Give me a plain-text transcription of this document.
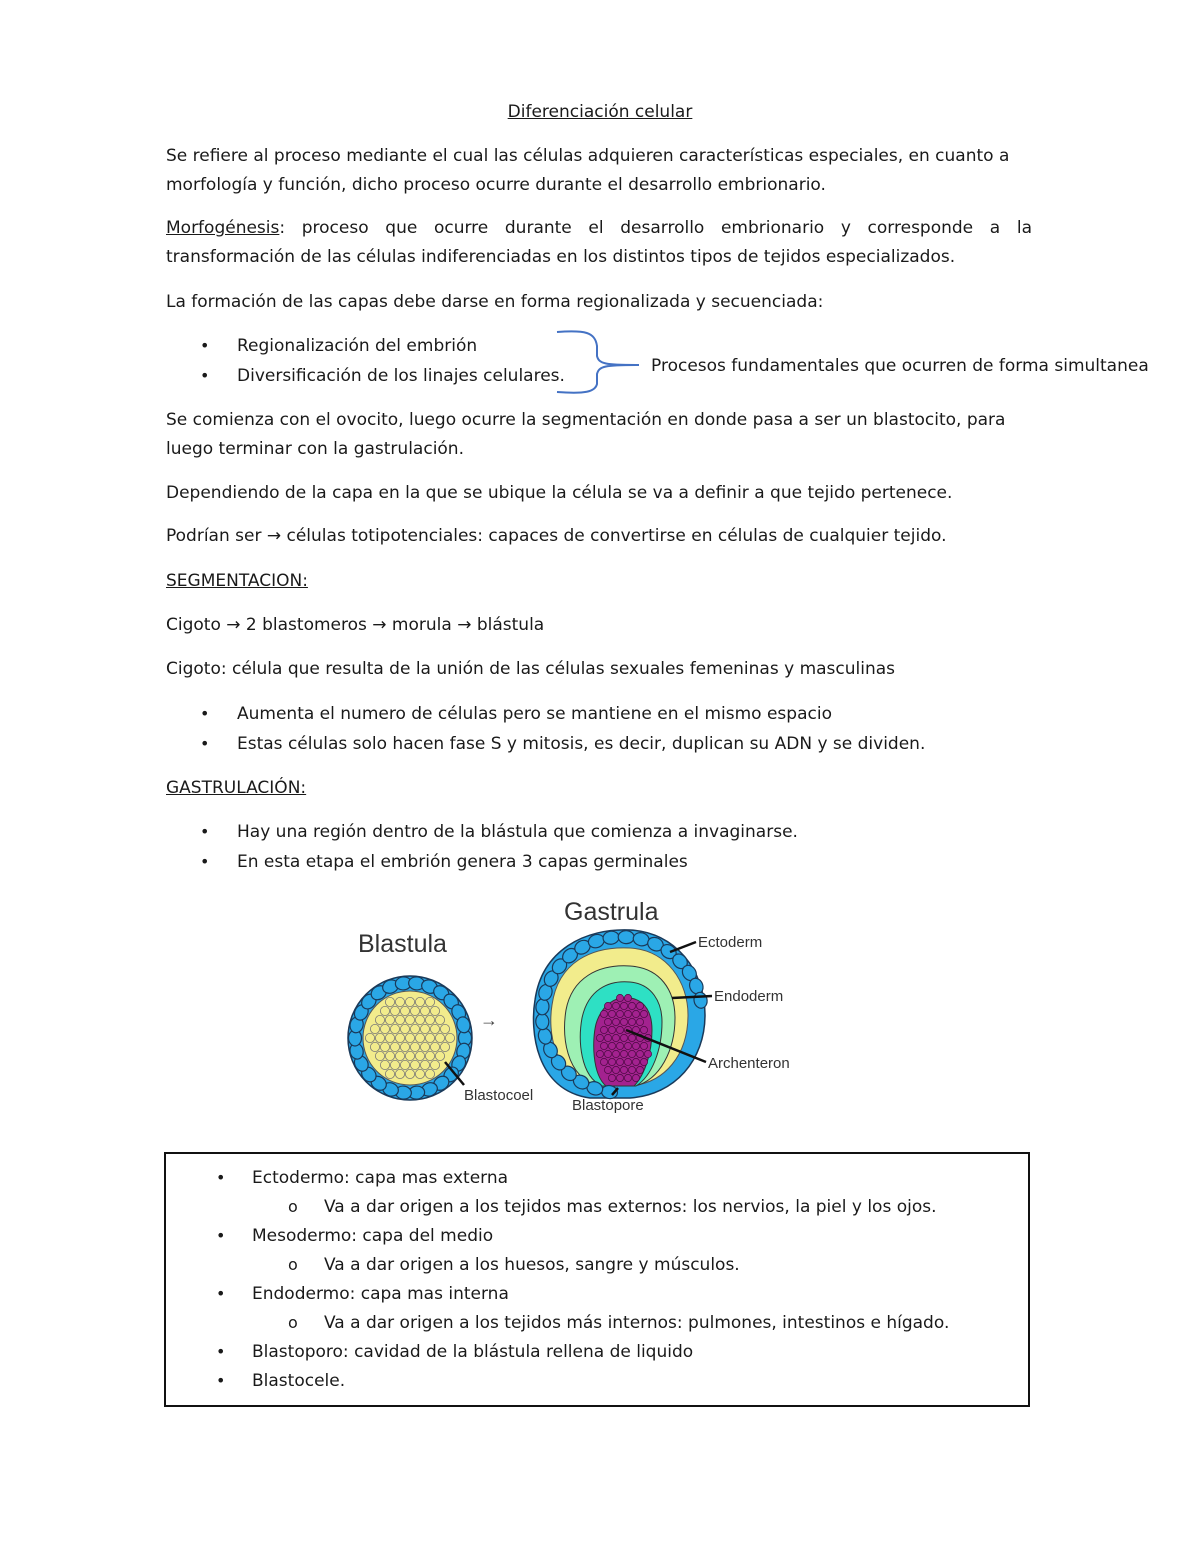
Diferenciación celular
Se refiere al proceso mediante el cual las células adquieren características especiales, en cuanto a
morfología y función, dicho proceso ocurre durante el desarrollo embrionario.
Morfogénesis: proceso que ocurre durante el desarrollo embrionario y corresponde a la
transformación de las células indiferenciadas en los distintos tipos de tejidos especializados.
La formación de las capas debe darse en forma regionalizada y secuenciada:
• Regionalización del embrión
• Diversificación de los linajes celulares.	Procesos fundamentales que ocurren de forma simultanea
Se comienza con el ovocito, luego ocurre la segmentación en donde pasa a ser un blastocito, para
luego terminar con la gastrulación.
Dependiendo de la capa en la que se ubique la célula se va a definir a que tejido pertenece.
Podrían ser → células totipotenciales: capaces de convertirse en células de cualquier tejido.
SEGMENTACION:
Cigoto → 2 blastomeros → morula → blástula
Cigoto: célula que resulta de la unión de las células sexuales femeninas y masculinas
• Aumenta el numero de células pero se mantiene en el mismo espacio
• Estas células solo hacen fase S y mitosis, es decir, duplican su ADN y se dividen.
GASTRULACIÓN:
• Hay una región dentro de la blástula que comienza a invaginarse.
• En esta etapa el embrión genera 3 capas germinales
Blastula
Gastrula
→
Ectoderm
Endoderm
Archenteron
Blastocoel
Blastopore
• Ectodermo: capa mas externa
o Va a dar origen a los tejidos mas externos: los nervios, la piel y los ojos.
• Mesodermo: capa del medio
o Va a dar origen a los huesos, sangre y músculos.
• Endodermo: capa mas interna
o Va a dar origen a los tejidos más internos: pulmones, intestinos e hígado.
• Blastoporo: cavidad de la blástula rellena de liquido
• Blastocele.
